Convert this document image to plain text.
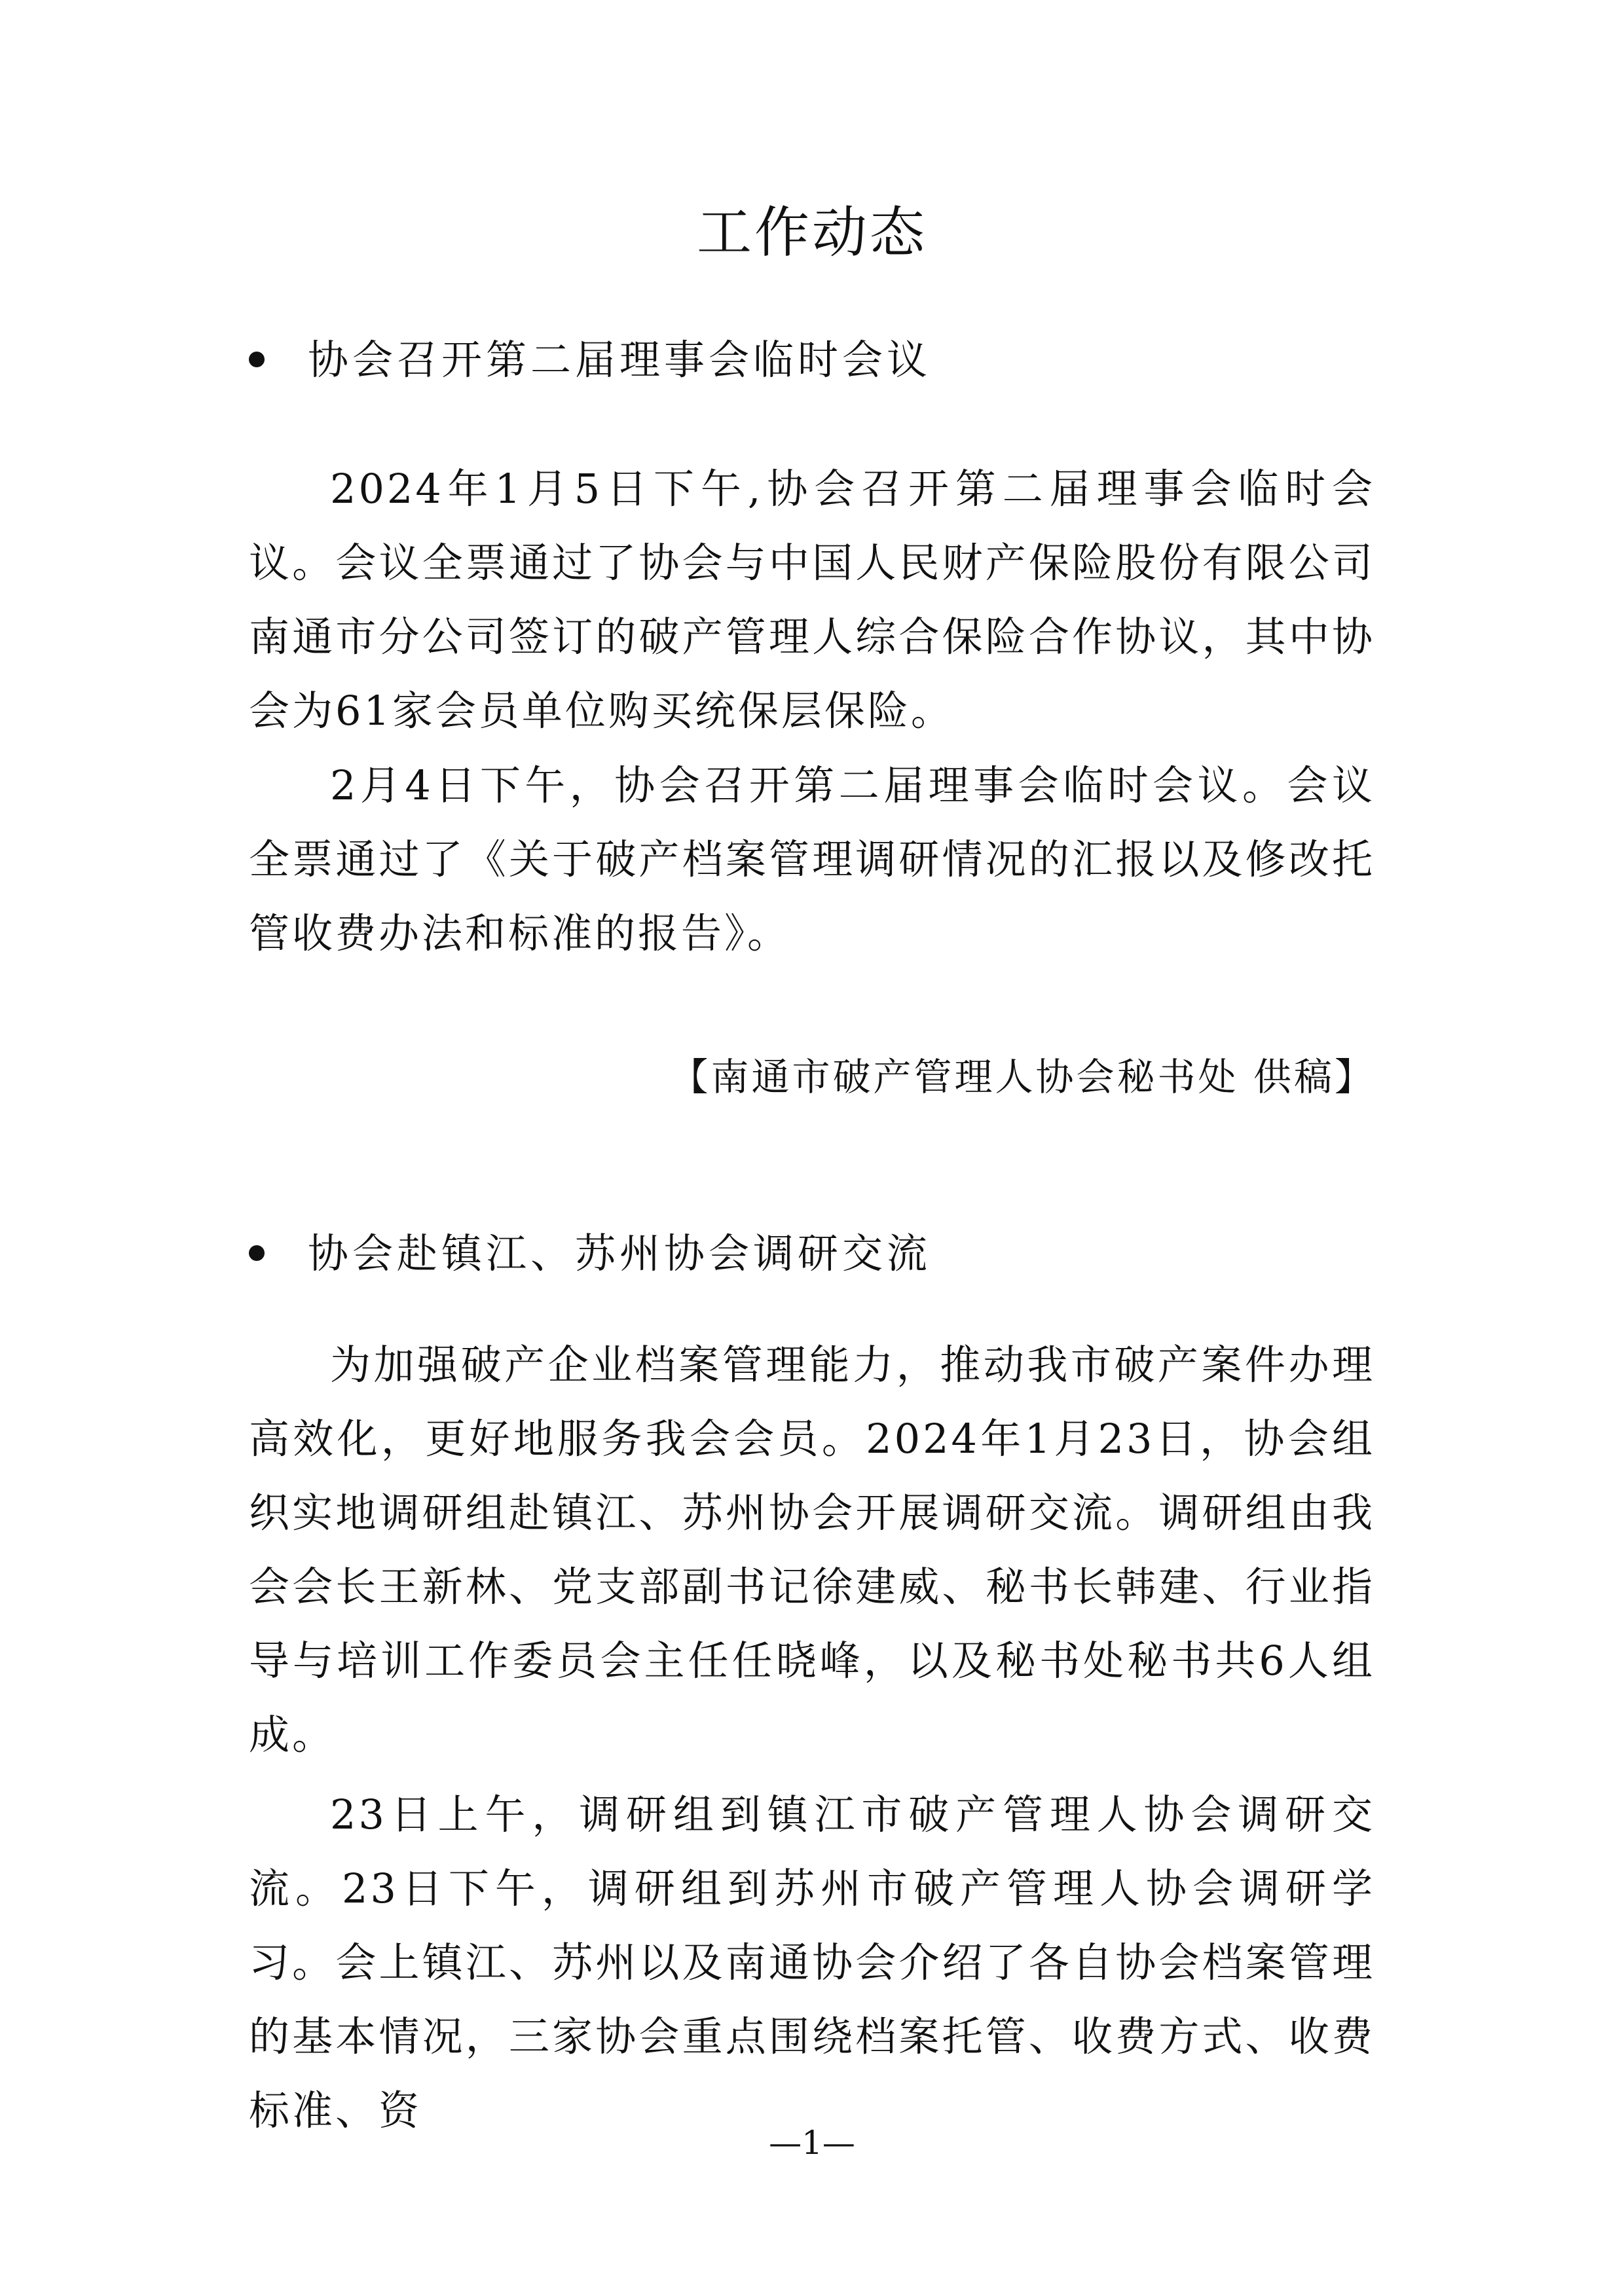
工作动态
协会召开第二届理事会临时会议

2024年1月5日下午,协会召开第二届理事会临时会议。会议全票通过了协会与中国人民财产保险股份有限公司南通市分公司签订的破产管理人综合保险合作协议，其中协会为61家会员单位购买统保层保险。

2月4日下午，协会召开第二届理事会临时会议。会议全票通过了《关于破产档案管理调研情况的汇报以及修改托管收费办法和标准的报告》。

【南通市破产管理人协会秘书处 供稿】
协会赴镇江、苏州协会调研交流

为加强破产企业档案管理能力，推动我市破产案件办理高效化，更好地服务我会会员。2024年1月23日，协会组织实地调研组赴镇江、苏州协会开展调研交流。调研组由我会会长王新林、党支部副书记徐建威、秘书长韩建、行业指导与培训工作委员会主任任晓峰，以及秘书处秘书共6人组成。

23日上午，调研组到镇江市破产管理人协会调研交流。23日下午，调研组到苏州市破产管理人协会调研学习。会上镇江、苏州以及南通协会介绍了各自协会档案管理的基本情况，三家协会重点围绕档案托管、收费方式、收费标准、资

—1—
